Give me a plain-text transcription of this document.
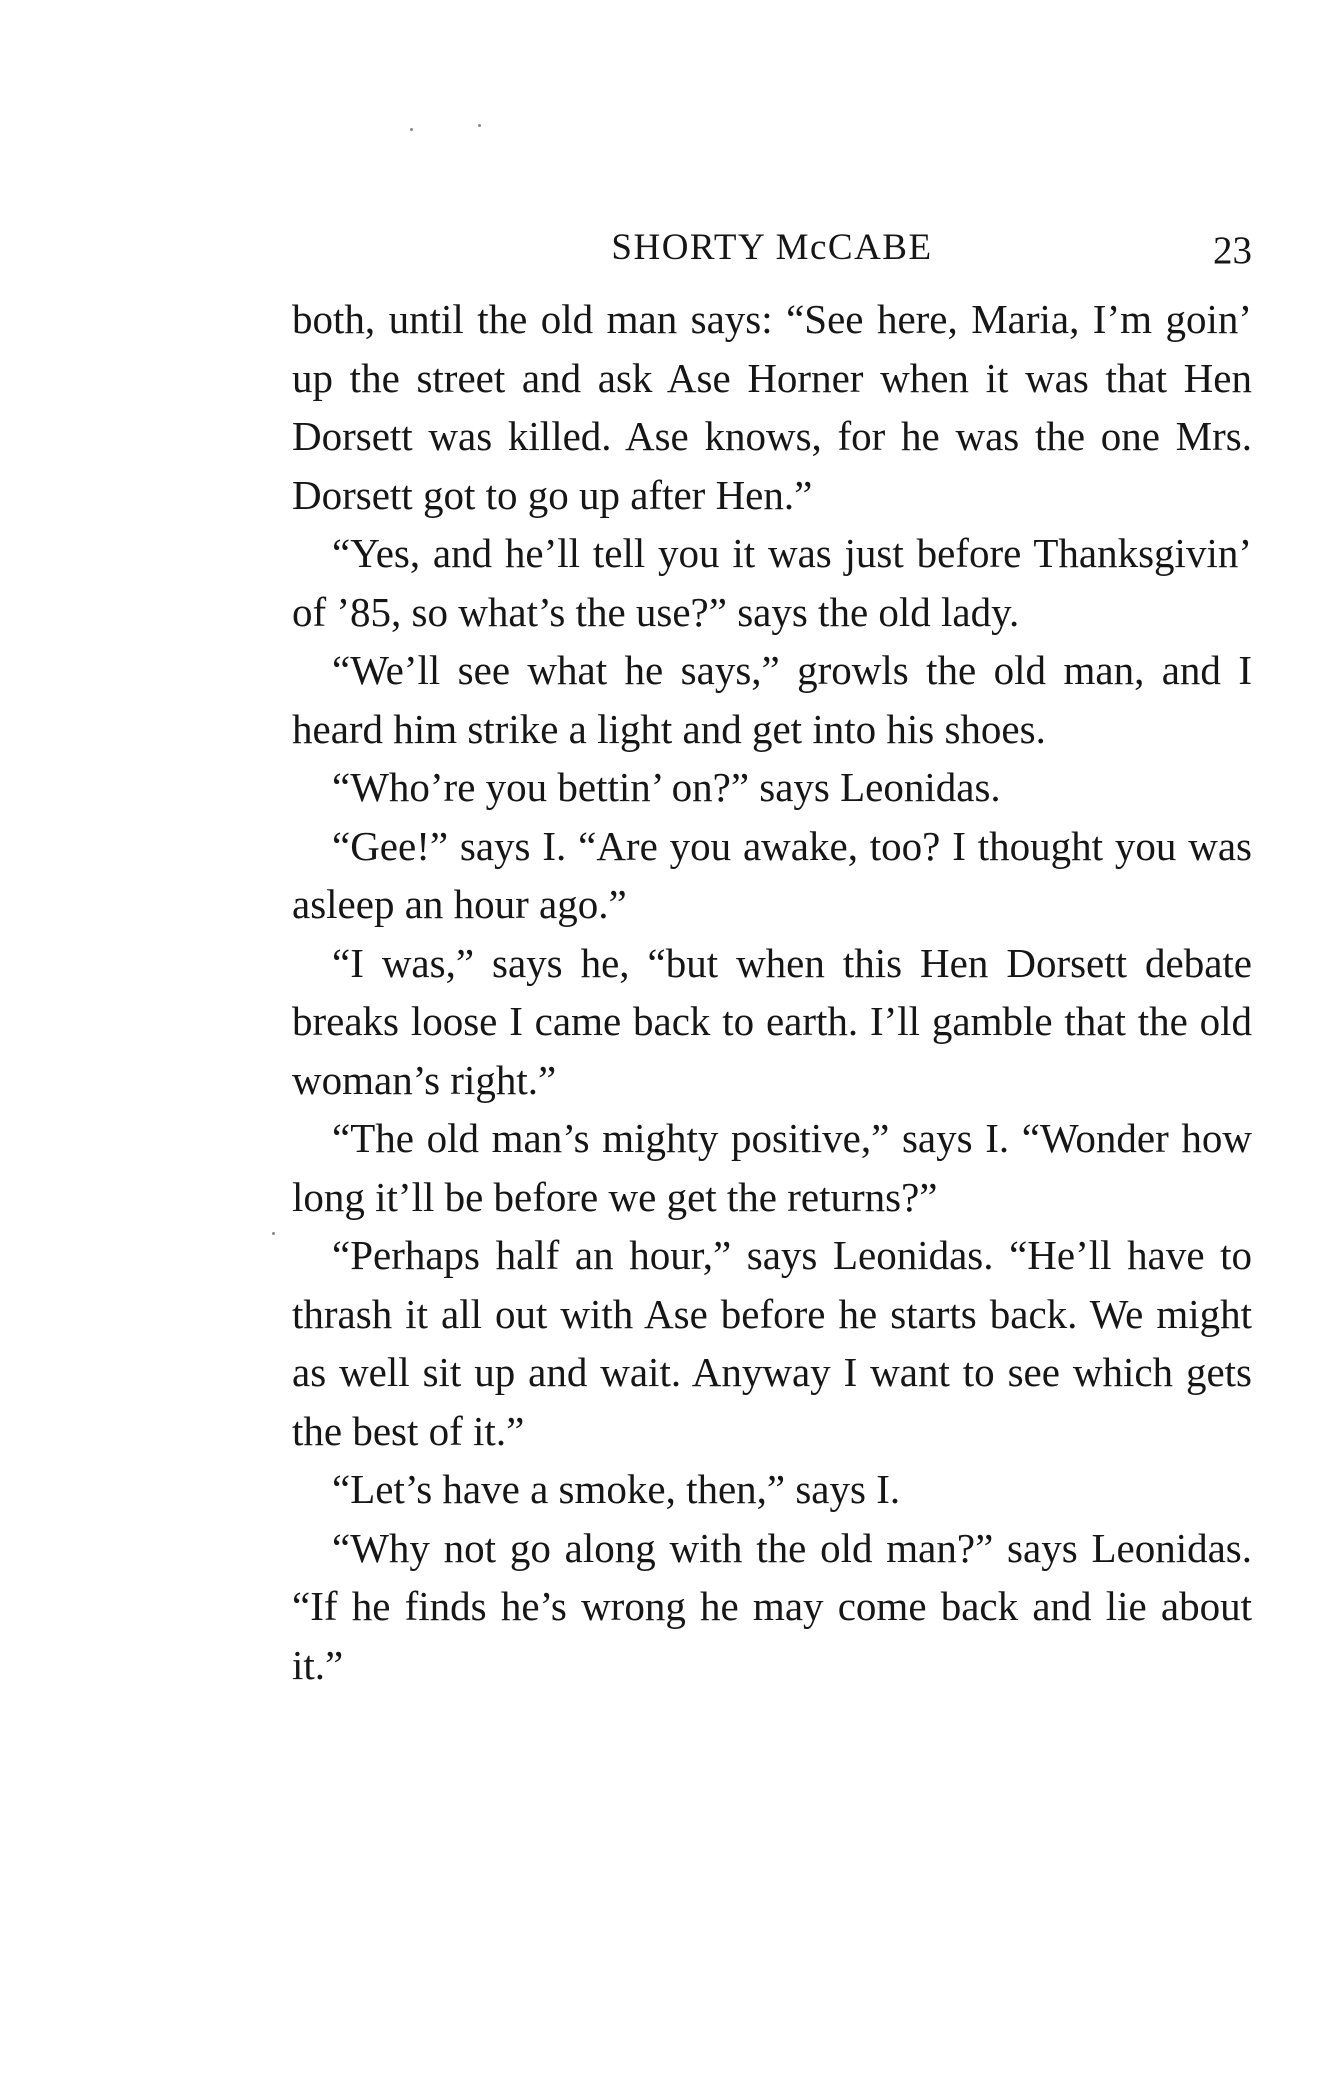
SHORTY McCABE	23

both, until the old man says: “See here, Maria, I’m goin’ up the street and ask Ase Horner when it was that Hen Dorsett was killed. Ase knows, for he was the one Mrs. Dorsett got to go up after Hen.”

“Yes, and he’ll tell you it was just before Thanksgivin’ of ’85, so what’s the use?” says the old lady.

“We’ll see what he says,” growls the old man, and I heard him strike a light and get into his shoes.

“Who’re you bettin’ on?” says Leonidas.

“Gee!” says I. “Are you awake, too? I thought you was asleep an hour ago.”

“I was,” says he, “but when this Hen Dorsett debate breaks loose I came back to earth. I’ll gamble that the old woman’s right.”

“The old man’s mighty positive,” says I. “Wonder how long it’ll be before we get the returns?”

“Perhaps half an hour,” says Leonidas. “He’ll have to thrash it all out with Ase before he starts back. We might as well sit up and wait. Anyway I want to see which gets the best of it.”

“Let’s have a smoke, then,” says I.

“Why not go along with the old man?” says Leonidas. “If he finds he’s wrong he may come back and lie about it.”
